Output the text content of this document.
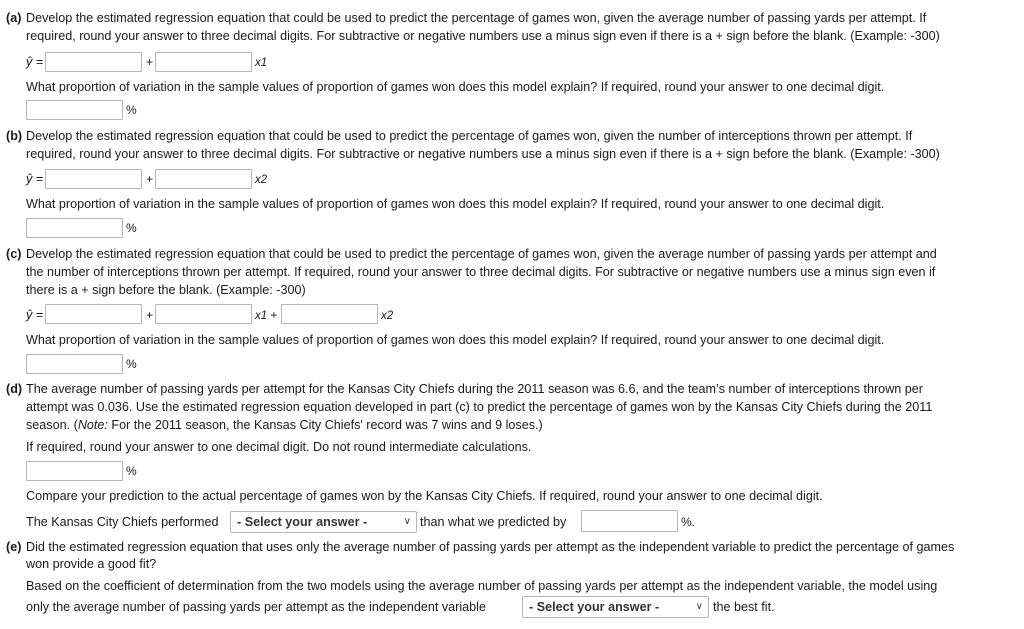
(a) Develop the estimated regression equation that could be used to predict the percentage of games won, given the average number of passing yards per attempt. If
required, round your answer to three decimal digits. For subtractive or negative numbers use a minus sign even if there is a + sign before the blank. (Example: -300)
ŷ =	+	x1
What proportion of variation in the sample values of proportion of games won does this model explain? If required, round your answer to one decimal digit.
%
(b) Develop the estimated regression equation that could be used to predict the percentage of games won, given the number of interceptions thrown per attempt. If
required, round your answer to three decimal digits. For subtractive or negative numbers use a minus sign even if there is a + sign before the blank. (Example: -300)
ŷ =	+	x2
What proportion of variation in the sample values of proportion of games won does this model explain? If required, round your answer to one decimal digit.
%
(c) Develop the estimated regression equation that could be used to predict the percentage of games won, given the average number of passing yards per attempt and
the number of interceptions thrown per attempt. If required, round your answer to three decimal digits. For subtractive or negative numbers use a minus sign even if
there is a + sign before the blank. (Example: -300)
ŷ =	+	x1 +	x2
What proportion of variation in the sample values of proportion of games won does this model explain? If required, round your answer to one decimal digit.
%
(d) The average number of passing yards per attempt for the Kansas City Chiefs during the 2011 season was 6.6, and the team’s number of interceptions thrown per
attempt was 0.036. Use the estimated regression equation developed in part (c) to predict the percentage of games won by the Kansas City Chiefs during the 2011
season. (Note: For the 2011 season, the Kansas City Chiefs' record was 7 wins and 9 loses.)
If required, round your answer to one decimal digit. Do not round intermediate calculations.
%
Compare your prediction to the actual percentage of games won by the Kansas City Chiefs. If required, round your answer to one decimal digit.
The Kansas City Chiefs performed	- Select your answer -	∨ than what we predicted by	%.
(e) Did the estimated regression equation that uses only the average number of passing yards per attempt as the independent variable to predict the percentage of games
won provide a good fit?
Based on the coefficient of determination from the two models using the average number of passing yards per attempt as the independent variable, the model using
only the average number of passing yards per attempt as the independent variable	- Select your answer -	∨ the best fit.
